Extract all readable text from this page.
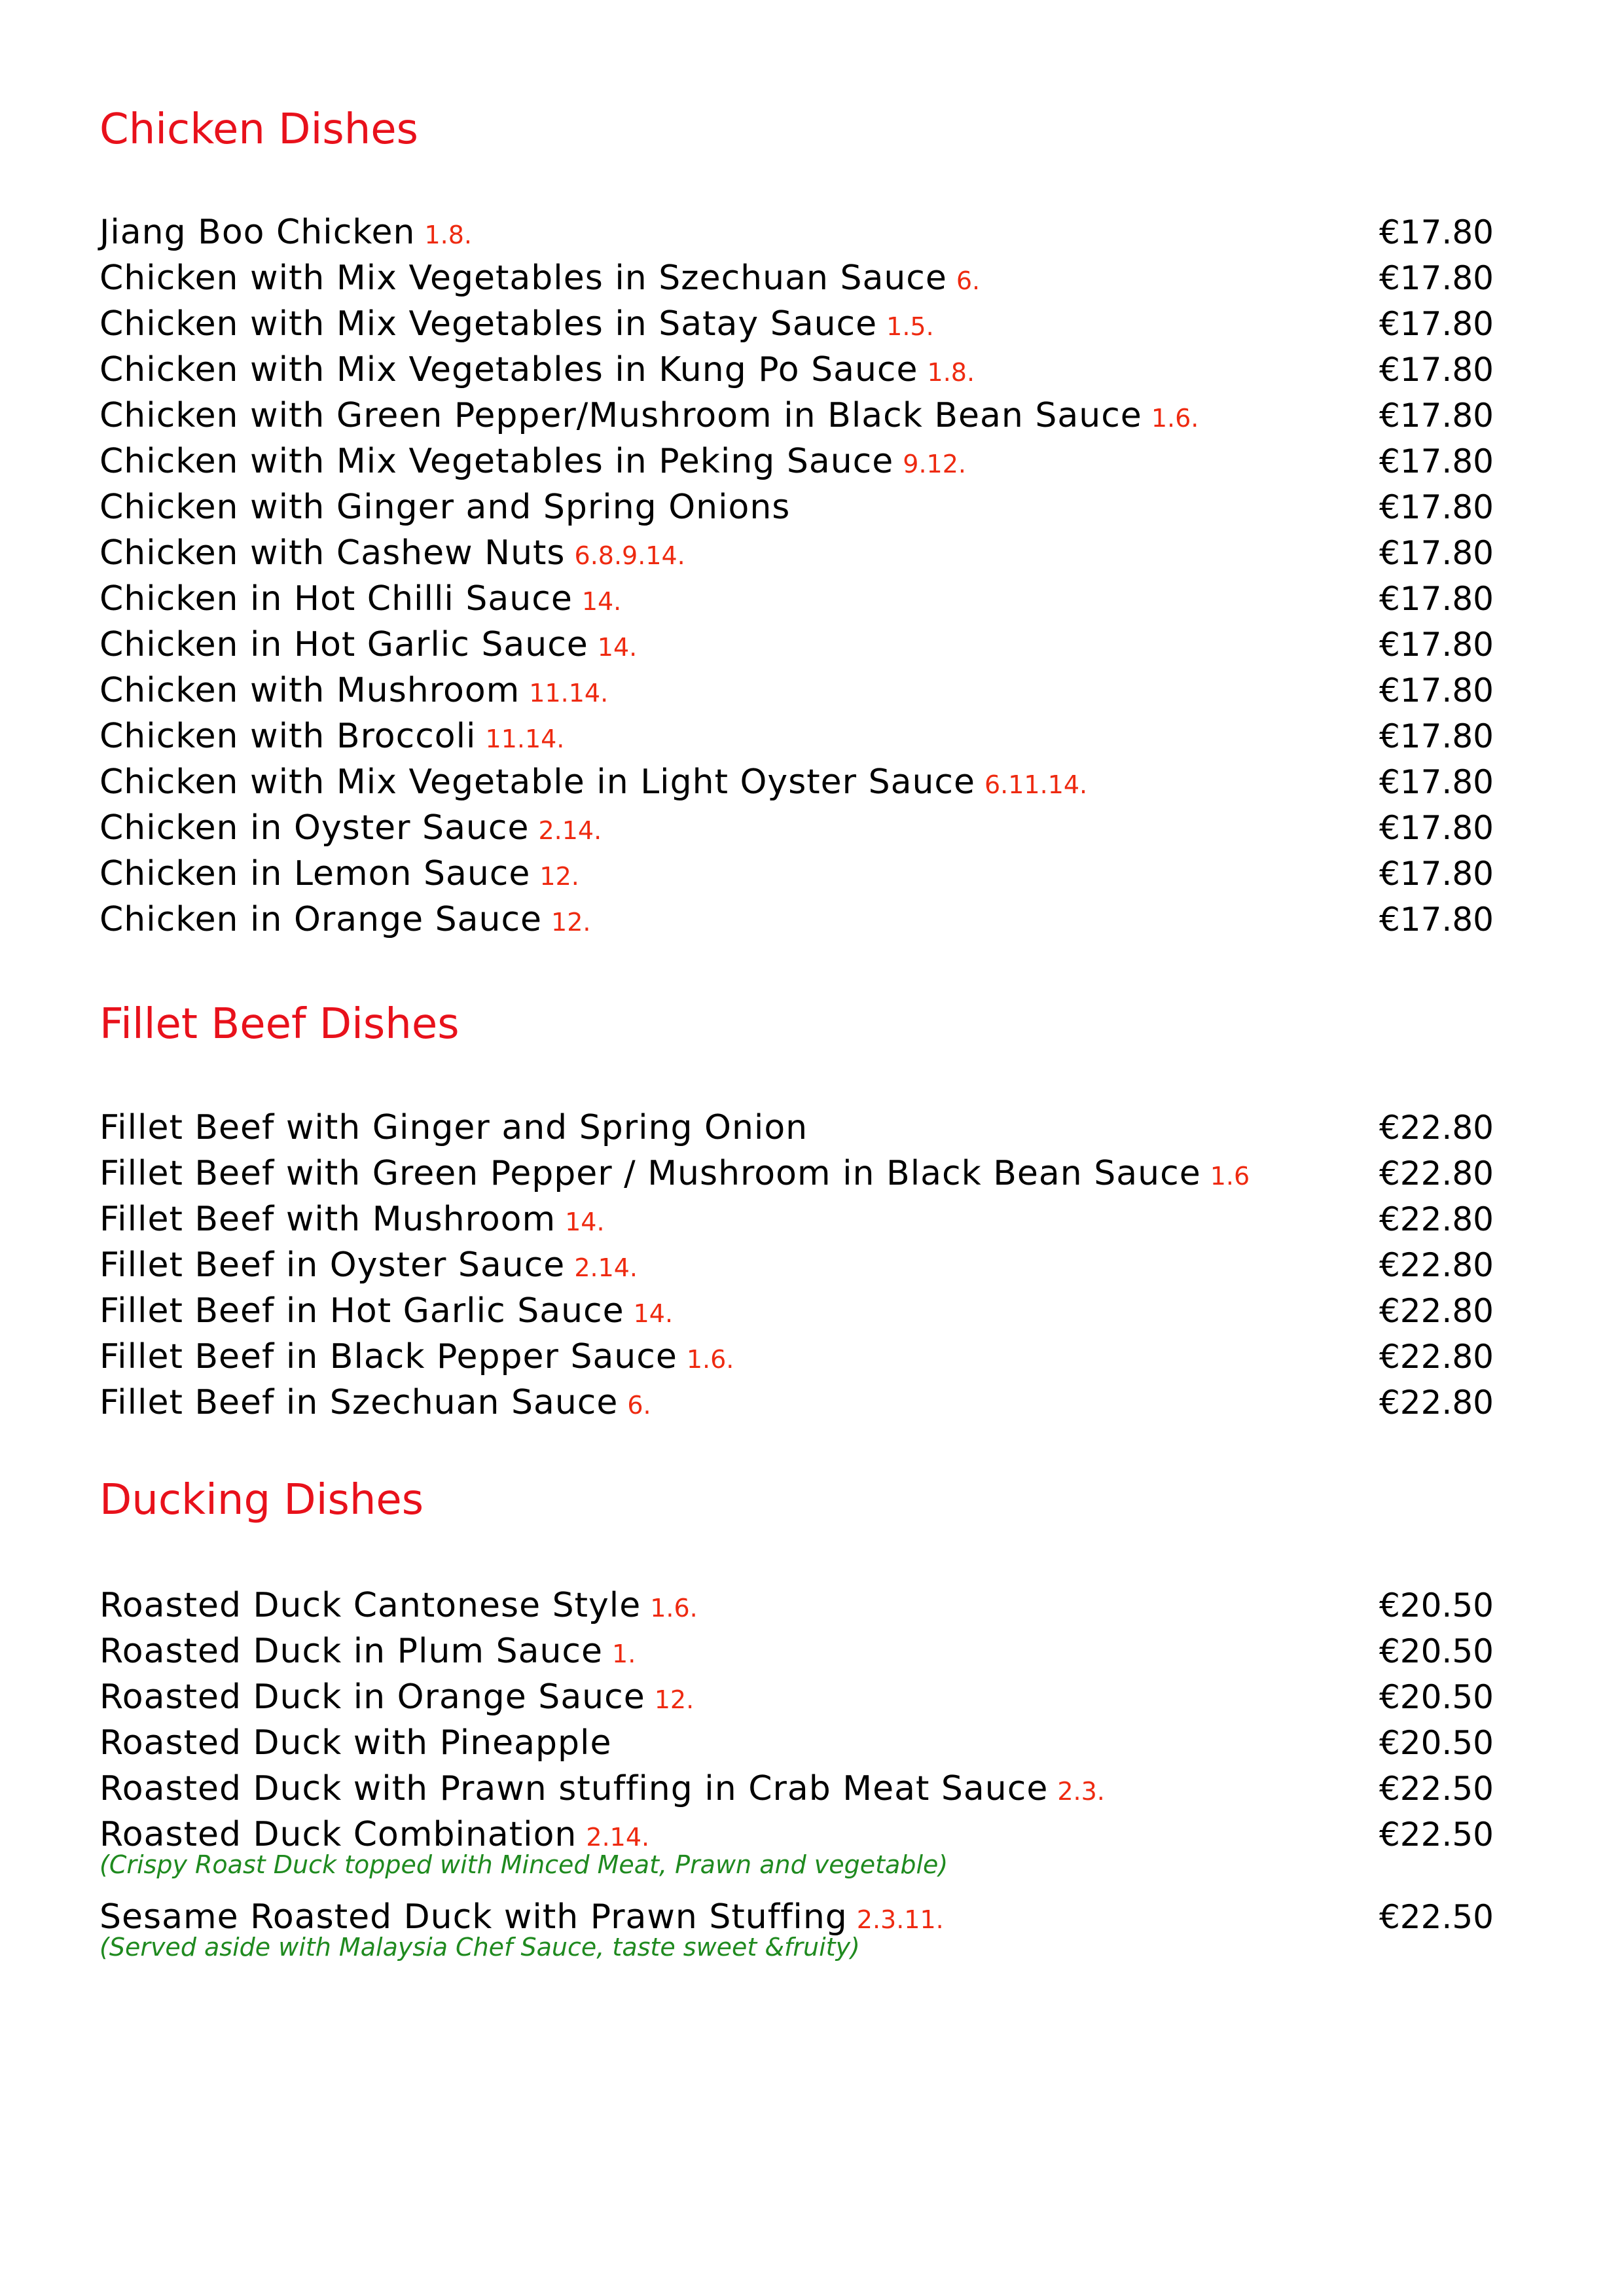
Chicken Dishes
Jiang Boo Chicken 1.8.	€17.80
Chicken with Mix Vegetables in Szechuan Sauce 6.	€17.80
Chicken with Mix Vegetables in Satay Sauce 1.5.	€17.80
Chicken with Mix Vegetables in Kung Po Sauce 1.8.	€17.80
Chicken with Green Pepper/Mushroom in Black Bean Sauce 1.6.	€17.80
Chicken with Mix Vegetables in Peking Sauce 9.12.	€17.80
Chicken with Ginger and Spring Onions	€17.80
Chicken with Cashew Nuts 6.8.9.14.	€17.80
Chicken in Hot Chilli Sauce 14.	€17.80
Chicken in Hot Garlic Sauce 14.	€17.80
Chicken with Mushroom 11.14.	€17.80
Chicken with Broccoli 11.14.	€17.80
Chicken with Mix Vegetable in Light Oyster Sauce 6.11.14.	€17.80
Chicken in Oyster Sauce 2.14.	€17.80
Chicken in Lemon Sauce 12.	€17.80
Chicken in Orange Sauce 12.	€17.80
Fillet Beef Dishes
Fillet Beef with Ginger and Spring Onion	€22.80
Fillet Beef with Green Pepper / Mushroom in Black Bean Sauce 1.6	€22.80
Fillet Beef with Mushroom 14.	€22.80
Fillet Beef in Oyster Sauce 2.14.	€22.80
Fillet Beef in Hot Garlic Sauce 14.	€22.80
Fillet Beef in Black Pepper Sauce 1.6.	€22.80
Fillet Beef in Szechuan Sauce 6.	€22.80
Ducking Dishes
Roasted Duck Cantonese Style 1.6.	€20.50
Roasted Duck in Plum Sauce 1.	€20.50
Roasted Duck in Orange Sauce 12.	€20.50
Roasted Duck with Pineapple	€20.50
Roasted Duck with Prawn stuffing in Crab Meat Sauce 2.3.	€22.50
Roasted Duck Combination 2.14.	€22.50
(Crispy Roast Duck topped with Minced Meat, Prawn and vegetable)
Sesame Roasted Duck with Prawn Stuffing 2.3.11.	€22.50
(Served aside with Malaysia Chef Sauce, taste sweet &fruity)
